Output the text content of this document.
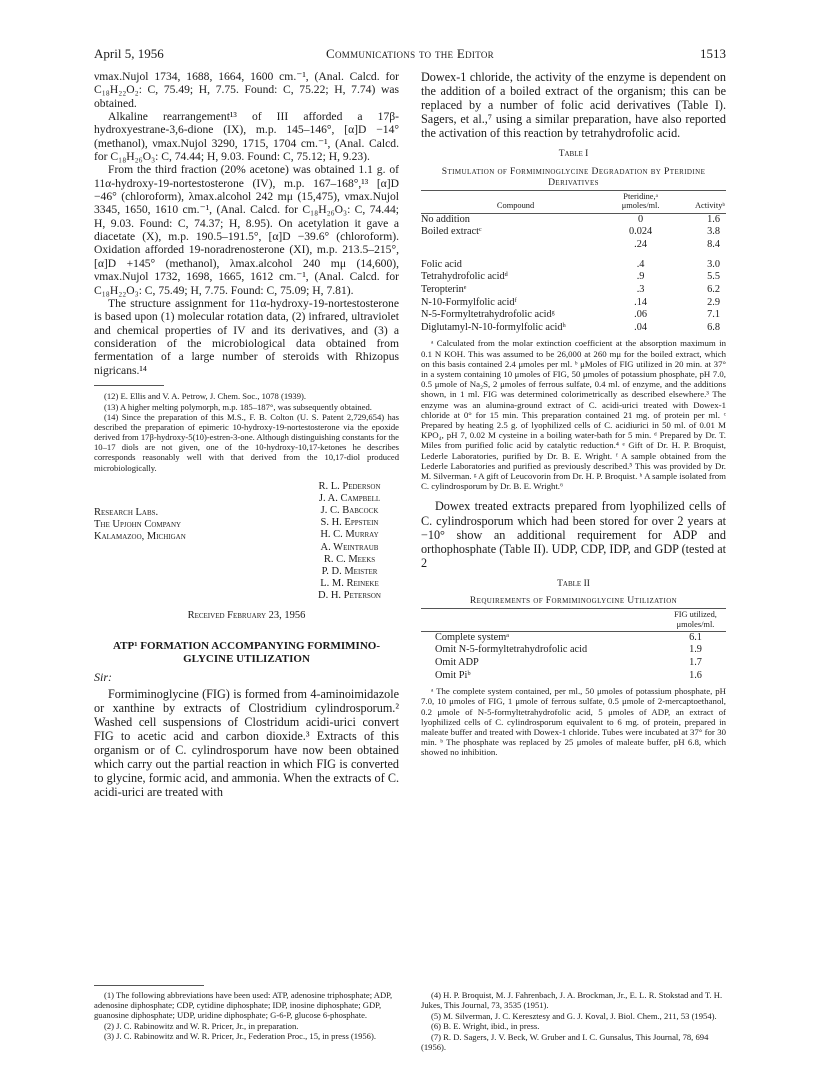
April 5, 1956	Communications to the Editor	1513

νmax.Nujol 1734, 1688, 1664, 1600 cm.⁻¹, (Anal. Calcd. for C₁₈H₂₂O₂: C, 75.49; H, 7.75. Found: C, 75.22; H, 7.74) was obtained.

Alkaline rearrangement¹³ of III afforded a 17β-hydroxyestrane-3,6-dione (IX), m.p. 145–146°, [α]D −14° (methanol), νmax.Nujol 3290, 1715, 1704 cm.⁻¹, (Anal. Calcd. for C₁₈H₂₆O₃: C, 74.44; H, 9.03. Found: C, 75.12; H, 9.23).

From the third fraction (20% acetone) was obtained 1.1 g. of 11α-hydroxy-19-nortestosterone (IV), m.p. 167–168°,¹³ [α]D −46° (chloroform), λmax.alcohol 242 mμ (15,475), νmax.Nujol 3345, 1650, 1610 cm.⁻¹, (Anal. Calcd. for C₁₈H₂₆O₃: C, 74.44; H, 9.03. Found: C, 74.37; H, 8.95). On acetylation it gave a diacetate (X), m.p. 190.5–191.5°, [α]D −39.6° (chloroform). Oxidation afforded 19-noradrenosterone (XI), m.p. 213.5–215°, [α]D +145° (methanol), λmax.alcohol 240 mμ (14,600), νmax.Nujol 1732, 1698, 1665, 1612 cm.⁻¹, (Anal. Calcd. for C₁₈H₂₂O₃: C, 75.49; H, 7.75. Found: C, 75.09; H, 7.81).

The structure assignment for 11α-hydroxy-19-nortestosterone is based upon (1) molecular rotation data, (2) infrared, ultraviolet and chemical properties of IV and its derivatives, and (3) a consideration of the microbiological data obtained from fermentation of a large number of steroids with Rhizopus nigricans.¹⁴

(12) E. Ellis and V. A. Petrow, J. Chem. Soc., 1078 (1939).

(13) A higher melting polymorph, m.p. 185–187°, was subsequently obtained.

(14) Since the preparation of this M.S., F. B. Colton (U. S. Patent 2,729,654) has described the preparation of epimeric 10-hydroxy-19-nortestosterone via the epoxide derived from 17β-hydroxy-5(10)-estren-3-one. Although distinguishing constants for the 10–17 diols are not given, one of the 10-hydroxy-10,17-ketones he describes corresponds reasonably well with that derived from the 10,17-diol produced microbiologically.

Research Labs.
The Upjohn Company
Kalamazoo, Michigan
R. L. Pederson
J. A. Campbell
J. C. Babcock
S. H. Eppstein
H. C. Murray
A. Weintraub
R. C. Meeks
P. D. Meister
L. M. Reineke
D. H. Peterson
Received February 23, 1956
ATP¹ FORMATION ACCOMPANYING FORMIMINO-GLYCINE UTILIZATION
Sir:

Formiminoglycine (FIG) is formed from 4-aminoimidazole or xanthine by extracts of Clostridium cylindrosporum.² Washed cell suspensions of Clostridum acidi-urici convert FIG to acetic acid and carbon dioxide.³ Extracts of this organism or of C. cylindrosporum have now been obtained which carry out the partial reaction in which FIG is converted to glycine, formic acid, and ammonia. When the extracts of C. acidi-urici are treated with

Dowex-1 chloride, the activity of the enzyme is dependent on the addition of a boiled extract of the organism; this can be replaced by a number of folic acid derivatives (Table I). Sagers, et al.,⁷ using a similar preparation, have also reported the activation of this reaction by tetrahydrofolic acid.

Table I
Stimulation of Formiminoglycine Degradation by Pteridine Derivatives
Compound	Pteridine,ᵃ μmoles/ml.	Activityᵇ
No addition	0	1.6
Boiled extractᶜ	0.024	3.8
	.24	8.4
Folic acid	.4	3.0
Tetrahydrofolic acidᵈ	.9	5.5
Teropterinᵉ	.3	6.2
N-10-Formylfolic acidᶠ	.14	2.9
N-5-Formyltetrahydrofolic acidᵍ	.06	7.1
Diglutamyl-N-10-formylfolic acidʰ	.04	6.8

ᵃ Calculated from the molar extinction coefficient at the absorption maximum in 0.1 N KOH. This was assumed to be 26,000 at 260 mμ for the boiled extract, which on this basis contained 2.4 μmoles per ml. ᵇ μMoles of FIG utilized in 20 min. at 37° in a system containing 10 μmoles of FIG, 50 μmoles of potassium phosphate, pH 7.0, 0.5 μmole of Na₂S, 2 μmoles of ferrous sulfate, 0.4 ml. of enzyme, and the additions shown, in 1 ml. FIG was determined colorimetrically as described elsewhere.³ The enzyme was an alumina-ground extract of C. acidi-urici treated with Dowex-1 chloride at 0° for 15 min. This preparation contained 21 mg. of protein per ml. ᶜ Prepared by heating 2.5 g. of lyophilized cells of C. acidiurici in 50 ml. of 0.01 M KPO₄, pH 7, 0.02 M cysteine in a boiling water-bath for 5 min. ᵈ Prepared by Dr. T. Miles from purified folic acid by catalytic reduction.⁴ ᵉ Gift of Dr. H. P. Broquist, Lederle Laboratories, purified by Dr. B. E. Wright. ᶠ A sample obtained from the Lederle Laboratories and purified as previously described.⁵ This was provided by Dr. M. Silverman. ᵍ A gift of Leucovorin from Dr. H. P. Broquist. ʰ A sample isolated from C. cylindrosporum by Dr. B. E. Wright.⁶

Dowex treated extracts prepared from lyophilized cells of C. cylindrosporum which had been stored for over 2 years at −10° show an additional requirement for ADP and orthophosphate (Table II). UDP, CDP, IDP, and GDP (tested at 2

Table II
Requirements of Formiminoglycine Utilization
	FIG utilized, μmoles/ml.
Complete systemᵃ	6.1
Omit N-5-formyltetrahydrofolic acid	1.9
Omit ADP	1.7
Omit Piᵇ	1.6

ᵃ The complete system contained, per ml., 50 μmoles of potassium phosphate, pH 7.0, 10 μmoles of FIG, 1 μmole of ferrous sulfate, 0.5 μmole of 2-mercaptoethanol, 0.2 μmole of N-5-formyltetrahydrofolic acid, 5 μmoles of ADP, an extract of lyophilized cells of C. cylindrosporum equivalent to 6 mg. of protein, prepared in maleate buffer and treated with Dowex-1 chloride. Tubes were incubated at 37° for 30 min. ᵇ The phosphate was replaced by 25 μmoles of maleate buffer, pH 6.8, which showed no inhibition.

(1) The following abbreviations have been used: ATP, adenosine triphosphate; ADP, adenosine diphosphate; CDP, cytidine diphosphate; IDP, inosine diphosphate; GDP, guanosine diphosphate; UDP, uridine diphosphate; G-6-P, glucose 6-phosphate.

(2) J. C. Rabinowitz and W. R. Pricer, Jr., in preparation.

(3) J. C. Rabinowitz and W. R. Pricer, Jr., Federation Proc., 15, in press (1956).

(4) H. P. Broquist, M. J. Fahrenbach, J. A. Brockman, Jr., E. L. R. Stokstad and T. H. Jukes, This Journal, 73, 3535 (1951).

(5) M. Silverman, J. C. Keresztesy and G. J. Koval, J. Biol. Chem., 211, 53 (1954).

(6) B. E. Wright, ibid., in press.

(7) R. D. Sagers, J. V. Beck, W. Gruber and I. C. Gunsalus, This Journal, 78, 694 (1956).
